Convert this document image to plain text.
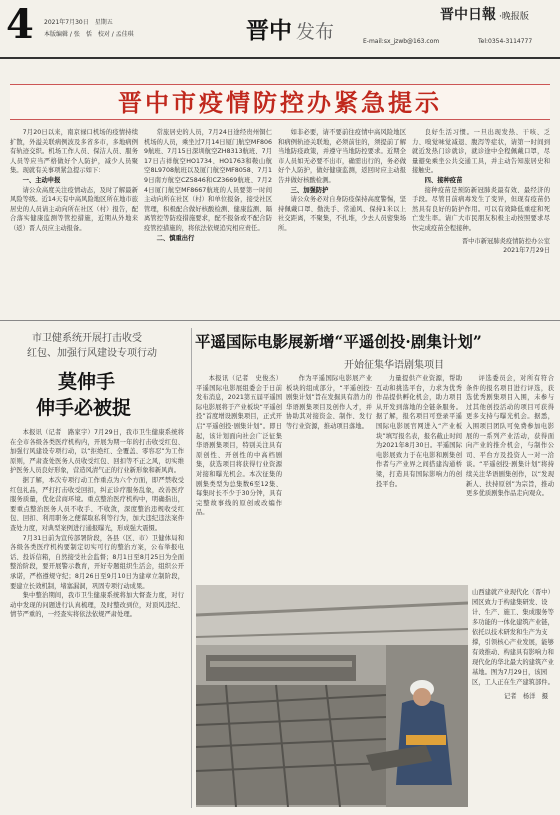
4 2021年7月30日　星期五
本版编辑 / 张　恬　校对 / 孟佳琪	晋中 发布
晋中日報 ·晚报版
E-mail:sx_jzwb@163.com	Tel:0354-3114777
晋中市疫情防控办紧急提示

7月20日以来，南京禄口机场的疫情持续扩散，外溢关联病例波及多省多市，多地病例有轨迹交织。机场工作人员、保洁人员、服务人员等应当严格做好个人防护，减少人员聚集。现就有关事项紧急提示如下：

一、主动申报

请公众高度关注疫情动态，及时了解最新风险等级。近14天有中高风险地区所在地市旅居史的人员请主动向所在社区（村）报告，配合落实健康监测等管控措施，近期从外地来（返）晋人员应主动报备。

常旅居史的人员，7月24日途经贵州铜仁机场的人员，乘坐过7月14日厦门航空MF8069航班、7月15日深圳航空ZH8313航班、7月17日吉祥航空HO1734、HO1763和鞍山航空8L9708航班以及厦门航空MF8058、7月19日南方航空CZ5846和CZ3669航班、7月24日厦门航空MF8667航班的人员要第一时间主动向所在社区（村）和单位报备，接受社区管理，积极配合做好核酸检测、健康监测、隔离管控等防疫措施要求，配不报备或不配合防疫管控措施的，将依法依规追究相应责任。

二、慎重出行

如非必要，请不要前往疫情中高风险地区和病例轨迹关联地，必须前往的，须提前了解当地防疫政策，并遵守当地防控要求。近期全市人员如无必要不出市，确需出行的，务必做好个人防护，做好健康监测，返回时应主动报告并做好核酸检测。

三、加强防护

请公众务必对自身防疫保持高度警惕，坚持佩戴口罩、勤洗手、常通风、保持1米以上社交距离，不聚集，不扎堆，少去人员密集场所。

良好生活习惯。一旦出现发热、干咳、乏力、嗅觉味觉减退、腹泻等症状，请第一时间到就近发热门诊就诊，就诊途中全程佩戴口罩，尽量避免乘坐公共交通工具，并主动告知旅居史和接触史。

四、接种疫苗

接种疫苗是预防新冠肺炎最有效、最经济的手段。尽管目前病毒发生了变异，但现有疫苗仍然具有良好的防护作用。可以有效降低重症和死亡发生率。请广大市民朋友积极主动按照要求尽快完成疫苗全程接种。

晋中市新冠肺炎疫情防控办公室

2021年7月29日

市卫健系统开展打击收受
红包、加强行风建设专项行动
莫伸手
伸手必被捉

本报讯（记者　路家宇）7月29日，我市卫生健康系统将在全市各级各类医疗机构内，开展为期一年的打击收受红包、加强行风建设专项行动，以“拒绝红、全覆盖、零容忍”为工作原则，严肃查处医务人员收受红包、回扣等不正之风，切实维护医务人员良好形象，营造风清气正的行业新形象和新风尚。

据了解，本次专项行动工作重点为六个方面，即严禁收受红包礼品，严打打击收受回扣，纠正诊疗服务乱象，改善医疗服务质量，优化营商环境。重点整治医疗机构中，明确指出，要重点整治医务人员不收手、不收敛，深度整治违规收受红包、回扣、利用职务之便谋取私利等行为，加大违纪违法案件查处力度，对典型案例进行通报曝光，形成强大震慑。

7月31日前为宣传部署阶段，各县（区、市）卫健体局和各级各类医疗机构要制定切实可行的整治方案，公布举报电话、投诉信箱，自然接受社会监督；8月1日至8月25日为全面整治阶段，要开展警示教育，开好专题组织生活会，组织公开承诺，严格遵规守纪；8月26日至9月10日为建章立制阶段，要建立长效机制，堵塞漏洞，巩固专项行动成果。

集中整治期间，我市卫生健康系统将加大督查力度，对行动中发现的问题进行认真梳理，及时整改到位，对顶风违纪、情节严重的，一经查实将依法依规严肃处理。

平遥国际电影展新增“平遥创投·剧集计划”
开始征集华语剧集项目

本报讯（记者　史俊杰）平遥国际电影展组委会于日前发布消息，2021第五届平遥国际电影展将于产业板块“平遥创投”首度增设剧集项目，正式开启“平遥创投·剧集计划”。即日起，该计划面向社会广泛征集华语剧集项目，特别关注具有原创性、开创性的中高档剧集，获选项目将获得行业资源对接和曝光机会。本次征集的剧集类型为总集数6至12集、每集时长不少于30分钟，具有完整故事线的原创或改编作品。

作为平遥国际电影展产业板块的组成部分，“平遥创投·剧集计划”旨在发掘具有潜力的华语剧集项目及创作人才，并协助其对接资金、制作、发行等行业资源，推动项目落地。

力量提供产业资源，帮助互动和挑选平台，力求为优秀作品提供孵化机会，助力项目从开发到落地的全链条服务。据了解，报名项目可登录平遥国际电影展官网进入“产业板块”填写报名表，报名截止时间为2021年8月30日。平遥国际电影展致力于在电影和剧集创作者与产业界之间搭建沟通桥梁，打造具有国际影响力的创投平台。

评选委员会，对所有符合条件的报名项目进行评选，获选优秀剧集项目入围，未参与过其他创投活动的项目可获得更多支持与曝光机会。据悉，入围项目团队可免费参加电影展的一系列产业活动，获得面向产业的推介机会，与制作公司、平台方及投资人一对一洽谈。“平遥创投·剧集计划”将持续关注华语剧集创作，以“发现新人、扶持原创”为宗旨，推动更多优质剧集作品走向观众。

山西建就产业现代化（晋中）园区致力于构建集研发、设计、生产、施工、集成服务等多功能的一体化建筑产业链，依托以技术研发和生产为支撑，引领核心产业发展，能够有效推动、构建具有影响力和现代化的华北最大的建筑产业基地。图为7月29日，该园区，工人正在生产建筑部件。
记者　杨洋　摄
